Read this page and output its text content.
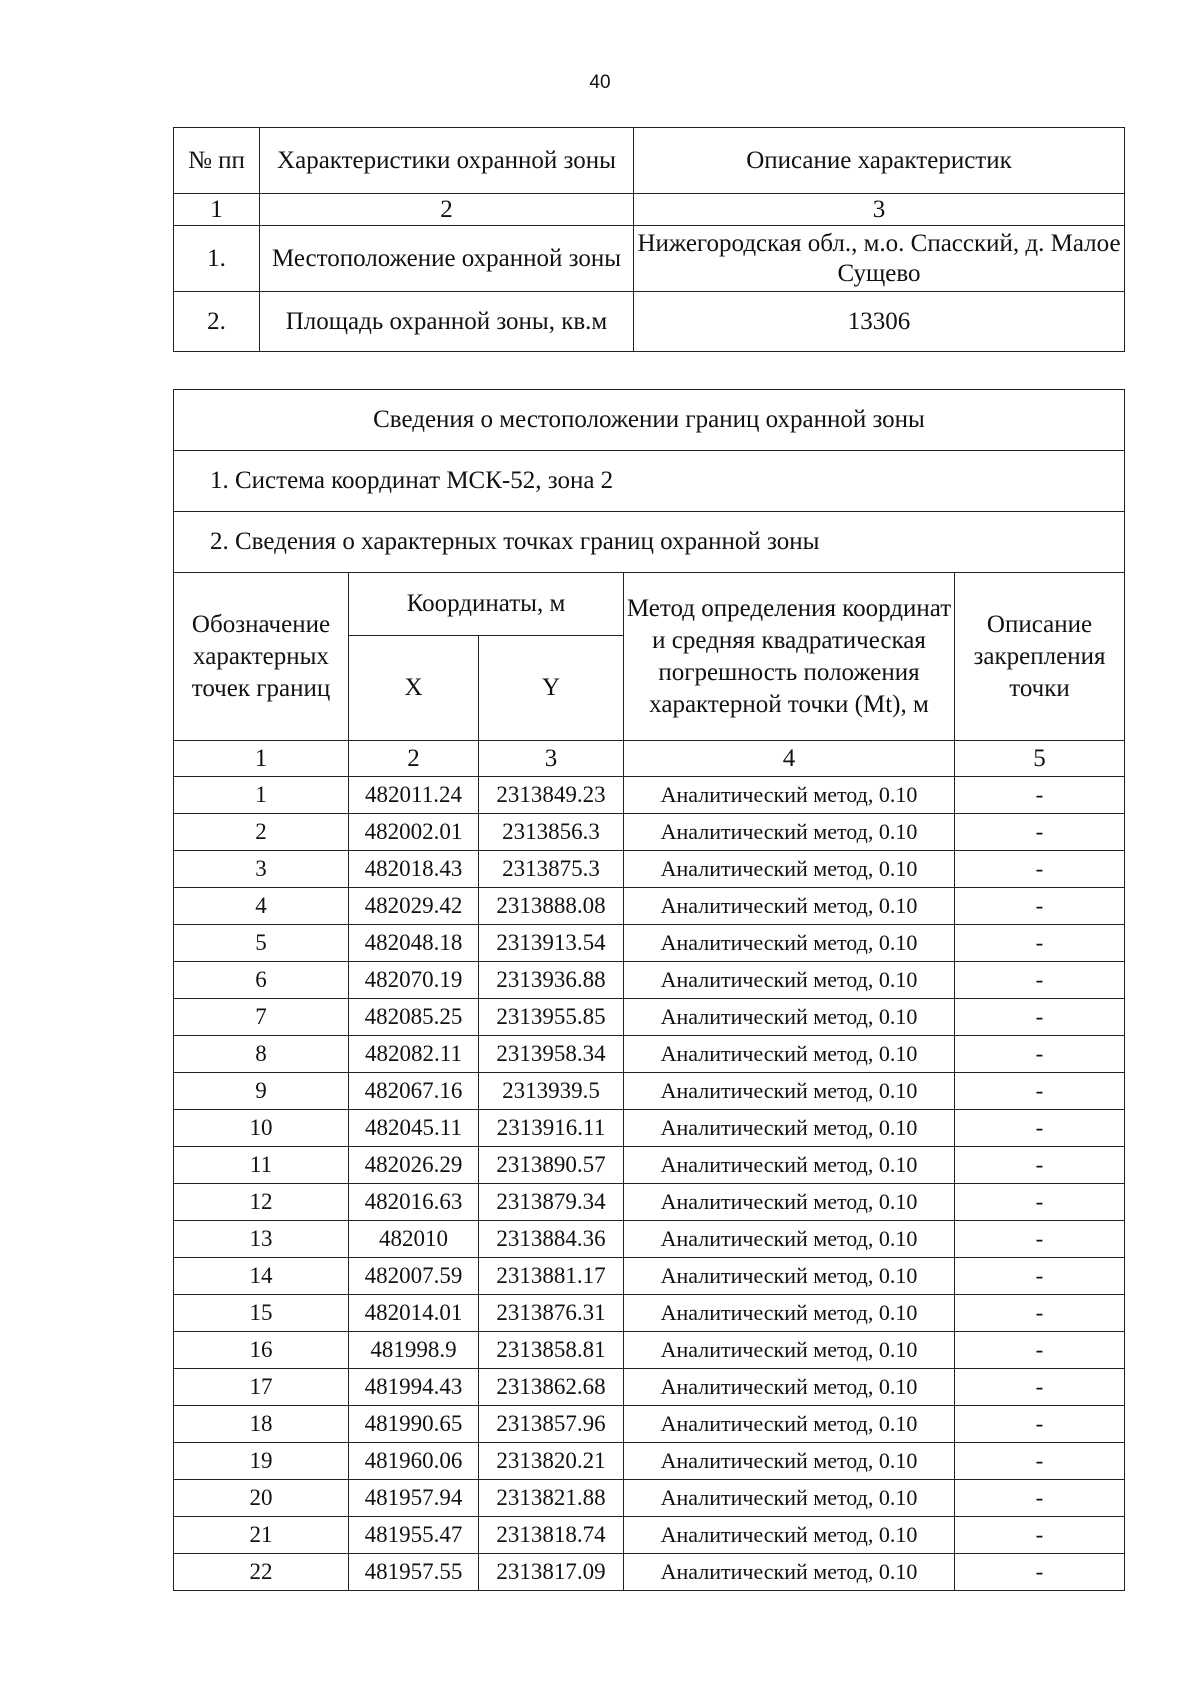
40
№ пп	Характеристики охранной зоны	Описание характеристик
1	2	3
1.	Местоположение охранной зоны	Нижегородская обл., м.о. Спасский, д. Малое Сущево
2.	Площадь охранной зоны, кв.м	13306
Сведения о местоположении границ охранной зоны				
1. Система координат МСК-52, зона 2				
2. Сведения о характерных точках границ охранной зоны				
Обозначение характерных точек границ	Координаты, м		Метод определения координат и средняя квадратическая погрешность положения характерной точки (Mt), м	Описание закрепления точки
	X	Y		
1	2	3	4	5
1	482011.24	2313849.23	Аналитический метод, 0.10	-
2	482002.01	2313856.3	Аналитический метод, 0.10	-
3	482018.43	2313875.3	Аналитический метод, 0.10	-
4	482029.42	2313888.08	Аналитический метод, 0.10	-
5	482048.18	2313913.54	Аналитический метод, 0.10	-
6	482070.19	2313936.88	Аналитический метод, 0.10	-
7	482085.25	2313955.85	Аналитический метод, 0.10	-
8	482082.11	2313958.34	Аналитический метод, 0.10	-
9	482067.16	2313939.5	Аналитический метод, 0.10	-
10	482045.11	2313916.11	Аналитический метод, 0.10	-
11	482026.29	2313890.57	Аналитический метод, 0.10	-
12	482016.63	2313879.34	Аналитический метод, 0.10	-
13	482010	2313884.36	Аналитический метод, 0.10	-
14	482007.59	2313881.17	Аналитический метод, 0.10	-
15	482014.01	2313876.31	Аналитический метод, 0.10	-
16	481998.9	2313858.81	Аналитический метод, 0.10	-
17	481994.43	2313862.68	Аналитический метод, 0.10	-
18	481990.65	2313857.96	Аналитический метод, 0.10	-
19	481960.06	2313820.21	Аналитический метод, 0.10	-
20	481957.94	2313821.88	Аналитический метод, 0.10	-
21	481955.47	2313818.74	Аналитический метод, 0.10	-
22	481957.55	2313817.09	Аналитический метод, 0.10	-
